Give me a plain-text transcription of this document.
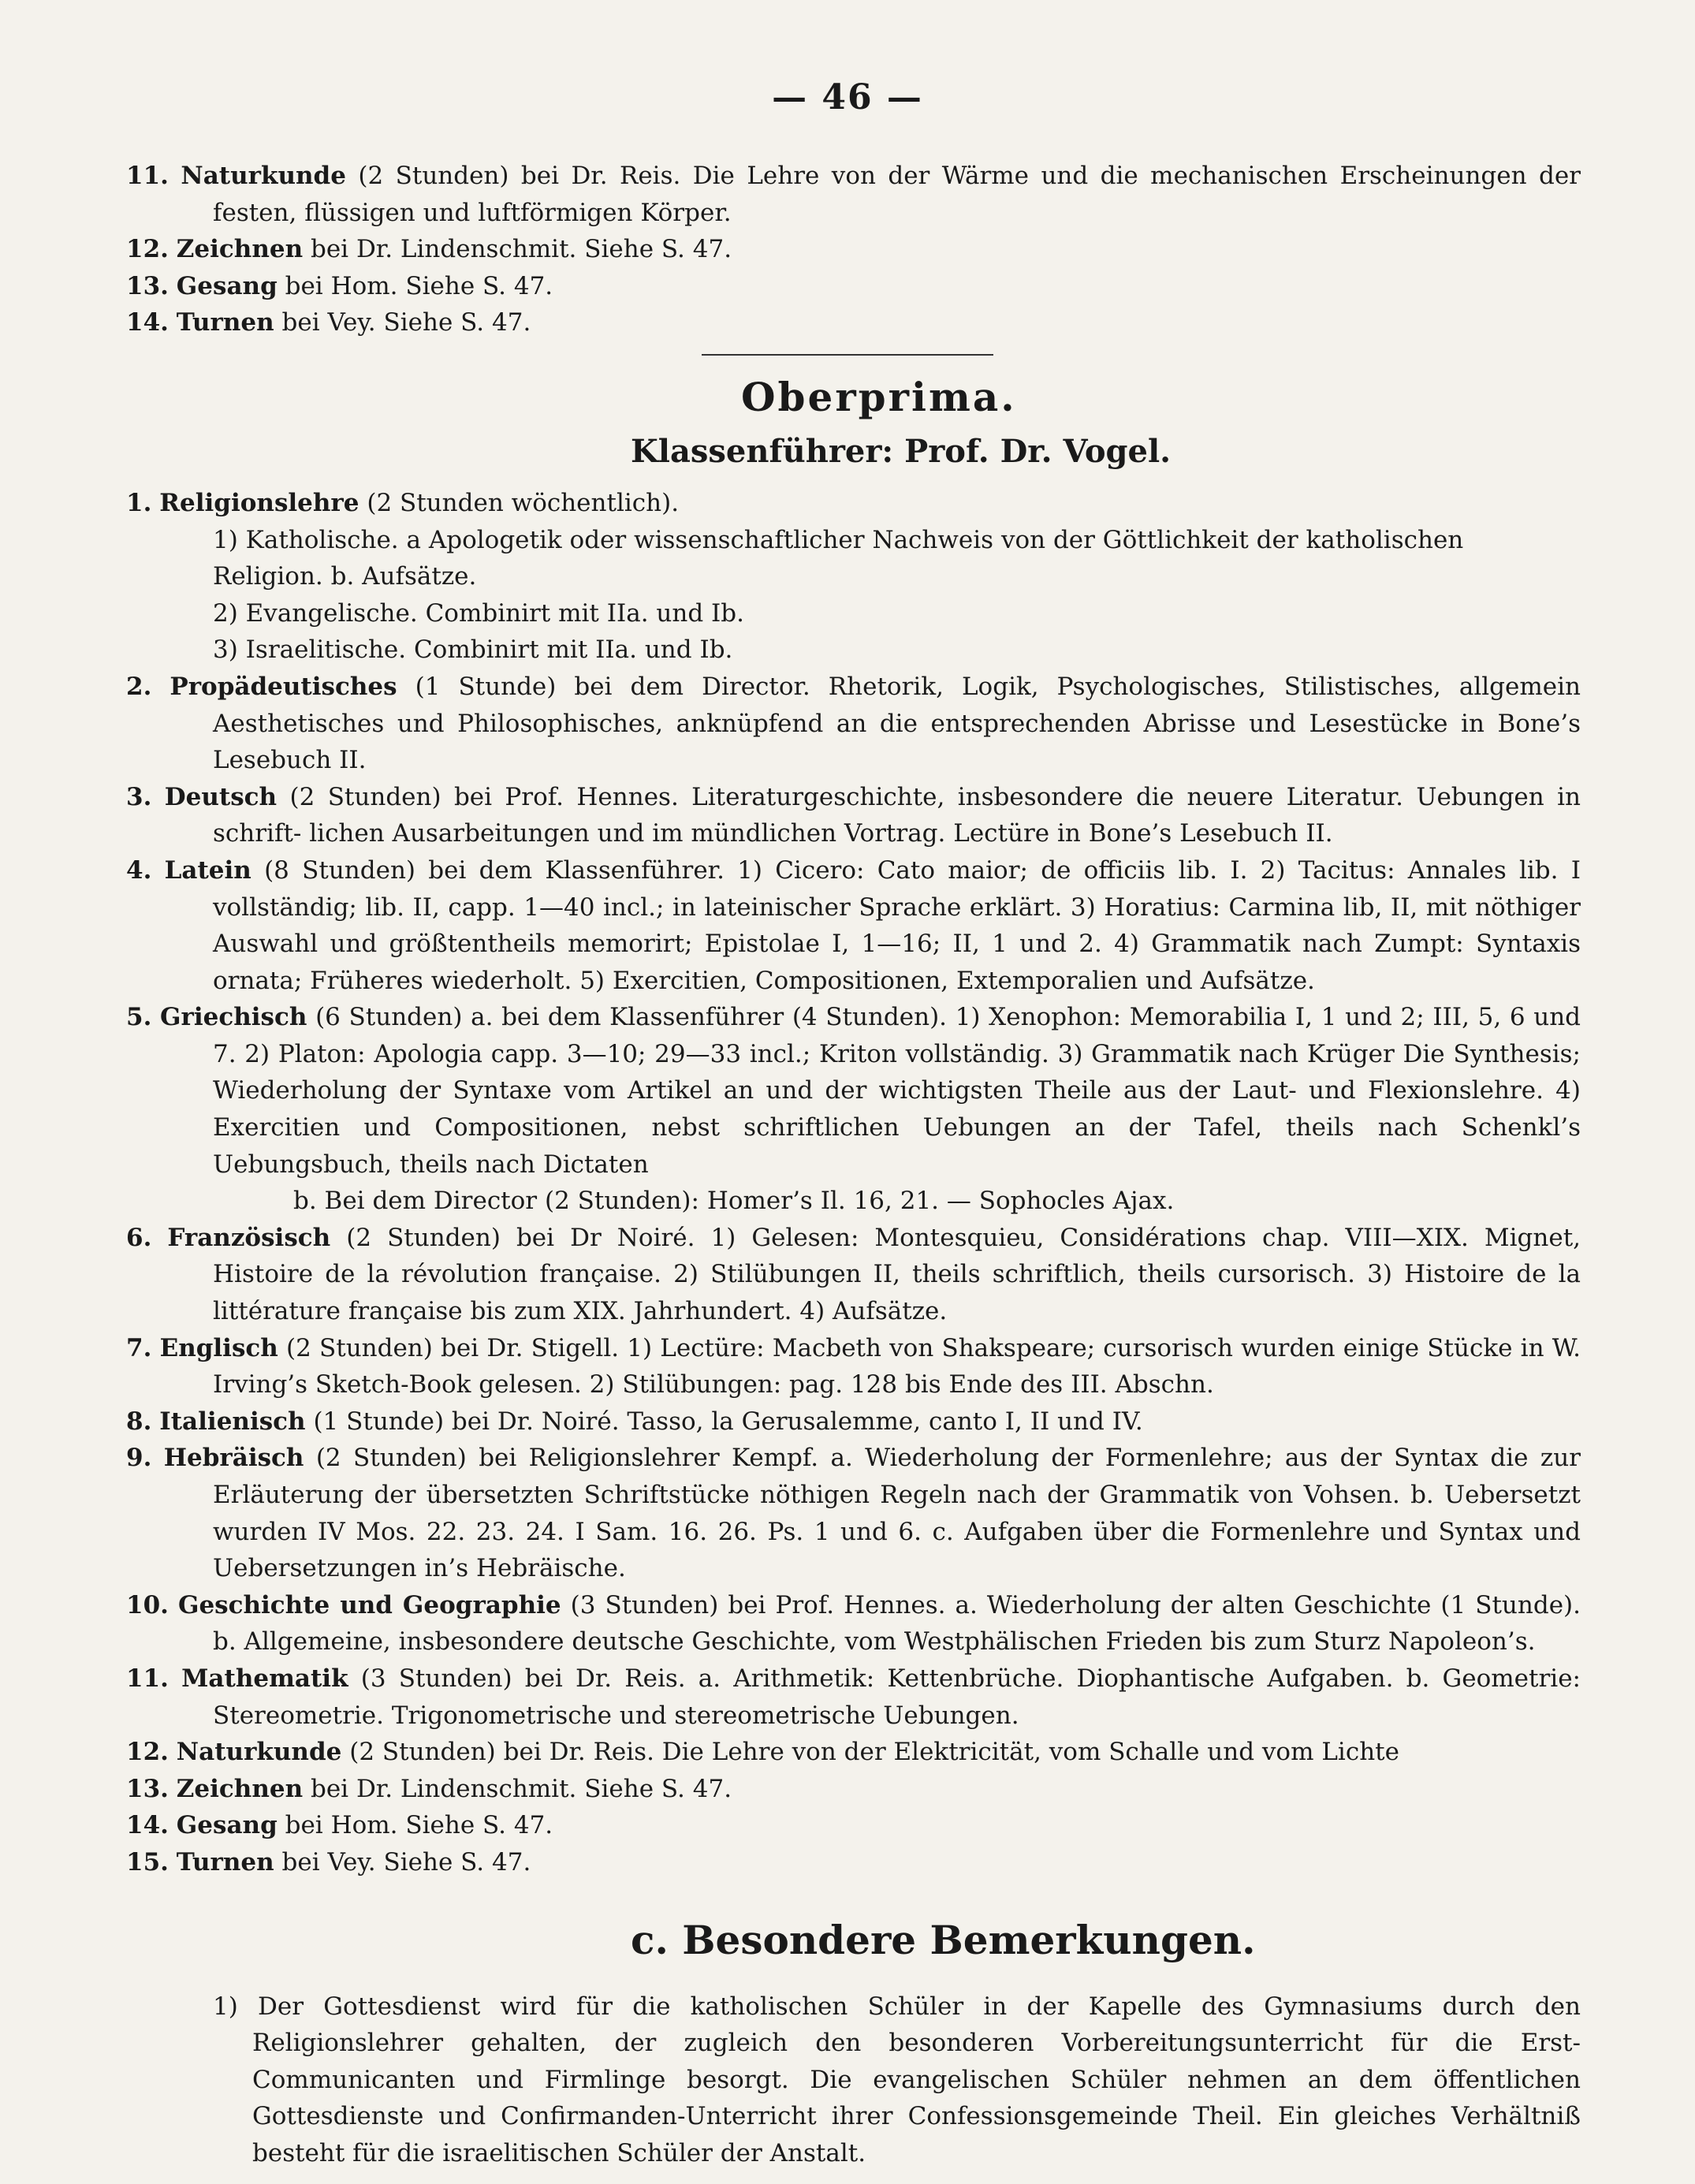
— 46 —
11. Naturkunde (2 Stunden) bei Dr. Reis. Die Lehre von der Wärme und die mechanischen Erscheinungen der festen, flüssigen und luftförmigen Körper.
12. Zeichnen bei Dr. Lindenschmit. Siehe S. 47.
13. Gesang bei Hom. Siehe S. 47.
14. Turnen bei Vey. Siehe S. 47.
Oberprima.
Klassenführer: Prof. Dr. Vogel.
1. Religionslehre (2 Stunden wöchentlich).
1) Katholische. a Apologetik oder wissenschaftlicher Nachweis von der Göttlichkeit der katholischen Religion. b. Aufsätze.
2) Evangelische. Combinirt mit IIa. und Ib.
3) Israelitische. Combinirt mit IIa. und Ib.
2. Propädeutisches (1 Stunde) bei dem Director. Rhetorik, Logik, Psychologisches, Stilistisches, allgemein Aesthetisches und Philosophisches, anknüpfend an die entsprechenden Abrisse und Lesestücke in Bone’s Lesebuch II.
3. Deutsch (2 Stunden) bei Prof. Hennes. Literaturgeschichte, insbesondere die neuere Literatur. Uebungen in schrift- lichen Ausarbeitungen und im mündlichen Vortrag. Lectüre in Bone’s Lesebuch II.
4. Latein (8 Stunden) bei dem Klassenführer. 1) Cicero: Cato maior; de officiis lib. I. 2) Tacitus: Annales lib. I vollständig; lib. II, capp. 1—40 incl.; in lateinischer Sprache erklärt. 3) Horatius: Carmina lib, II, mit nöthiger Auswahl und größtentheils memorirt; Epistolae I, 1—16; II, 1 und 2. 4) Grammatik nach Zumpt: Syntaxis ornata; Früheres wiederholt. 5) Exercitien, Compositionen, Extemporalien und Aufsätze.
5. Griechisch (6 Stunden) a. bei dem Klassenführer (4 Stunden). 1) Xenophon: Memorabilia I, 1 und 2; III, 5, 6 und 7. 2) Platon: Apologia capp. 3—10; 29—33 incl.; Kriton vollständig. 3) Grammatik nach Krüger Die Synthesis; Wiederholung der Syntaxe vom Artikel an und der wichtigsten Theile aus der Laut- und Flexionslehre. 4) Exercitien und Compositionen, nebst schriftlichen Uebungen an der Tafel, theils nach Schenkl’s Uebungsbuch, theils nach Dictaten
b. Bei dem Director (2 Stunden): Homer’s Il. 16, 21. — Sophocles Ajax.
6. Französisch (2 Stunden) bei Dr Noiré. 1) Gelesen: Montesquieu, Considérations chap. VIII—XIX. Mignet, Histoire de la révolution française. 2) Stilübungen II, theils schriftlich, theils cursorisch. 3) Histoire de la littérature française bis zum XIX. Jahrhundert. 4) Aufsätze.
7. Englisch (2 Stunden) bei Dr. Stigell. 1) Lectüre: Macbeth von Shakspeare; cursorisch wurden einige Stücke in W. Irving’s Sketch-Book gelesen. 2) Stilübungen: pag. 128 bis Ende des III. Abschn.
8. Italienisch (1 Stunde) bei Dr. Noiré. Tasso, la Gerusalemme, canto I, II und IV.
9. Hebräisch (2 Stunden) bei Religionslehrer Kempf. a. Wiederholung der Formenlehre; aus der Syntax die zur Erläuterung der übersetzten Schriftstücke nöthigen Regeln nach der Grammatik von Vohsen. b. Uebersetzt wurden IV Mos. 22. 23. 24. I Sam. 16. 26. Ps. 1 und 6. c. Aufgaben über die Formenlehre und Syntax und Uebersetzungen in’s Hebräische.
10. Geschichte und Geographie (3 Stunden) bei Prof. Hennes. a. Wiederholung der alten Geschichte (1 Stunde). b. Allgemeine, insbesondere deutsche Geschichte, vom Westphälischen Frieden bis zum Sturz Napoleon’s.
11. Mathematik (3 Stunden) bei Dr. Reis. a. Arithmetik: Kettenbrüche. Diophantische Aufgaben. b. Geometrie: Stereometrie. Trigonometrische und stereometrische Uebungen.
12. Naturkunde (2 Stunden) bei Dr. Reis. Die Lehre von der Elektricität, vom Schalle und vom Lichte
13. Zeichnen bei Dr. Lindenschmit. Siehe S. 47.
14. Gesang bei Hom. Siehe S. 47.
15. Turnen bei Vey. Siehe S. 47.
c. Besondere Bemerkungen.
1) Der Gottesdienst wird für die katholischen Schüler in der Kapelle des Gymnasiums durch den Religionslehrer gehalten, der zugleich den besonderen Vorbereitungsunterricht für die Erst-Communicanten und Firmlinge besorgt. Die evangelischen Schüler nehmen an dem öffentlichen Gottesdienste und Confirmanden-Unterricht ihrer Confessionsgemeinde Theil. Ein gleiches Verhältniß besteht für die israelitischen Schüler der Anstalt.
